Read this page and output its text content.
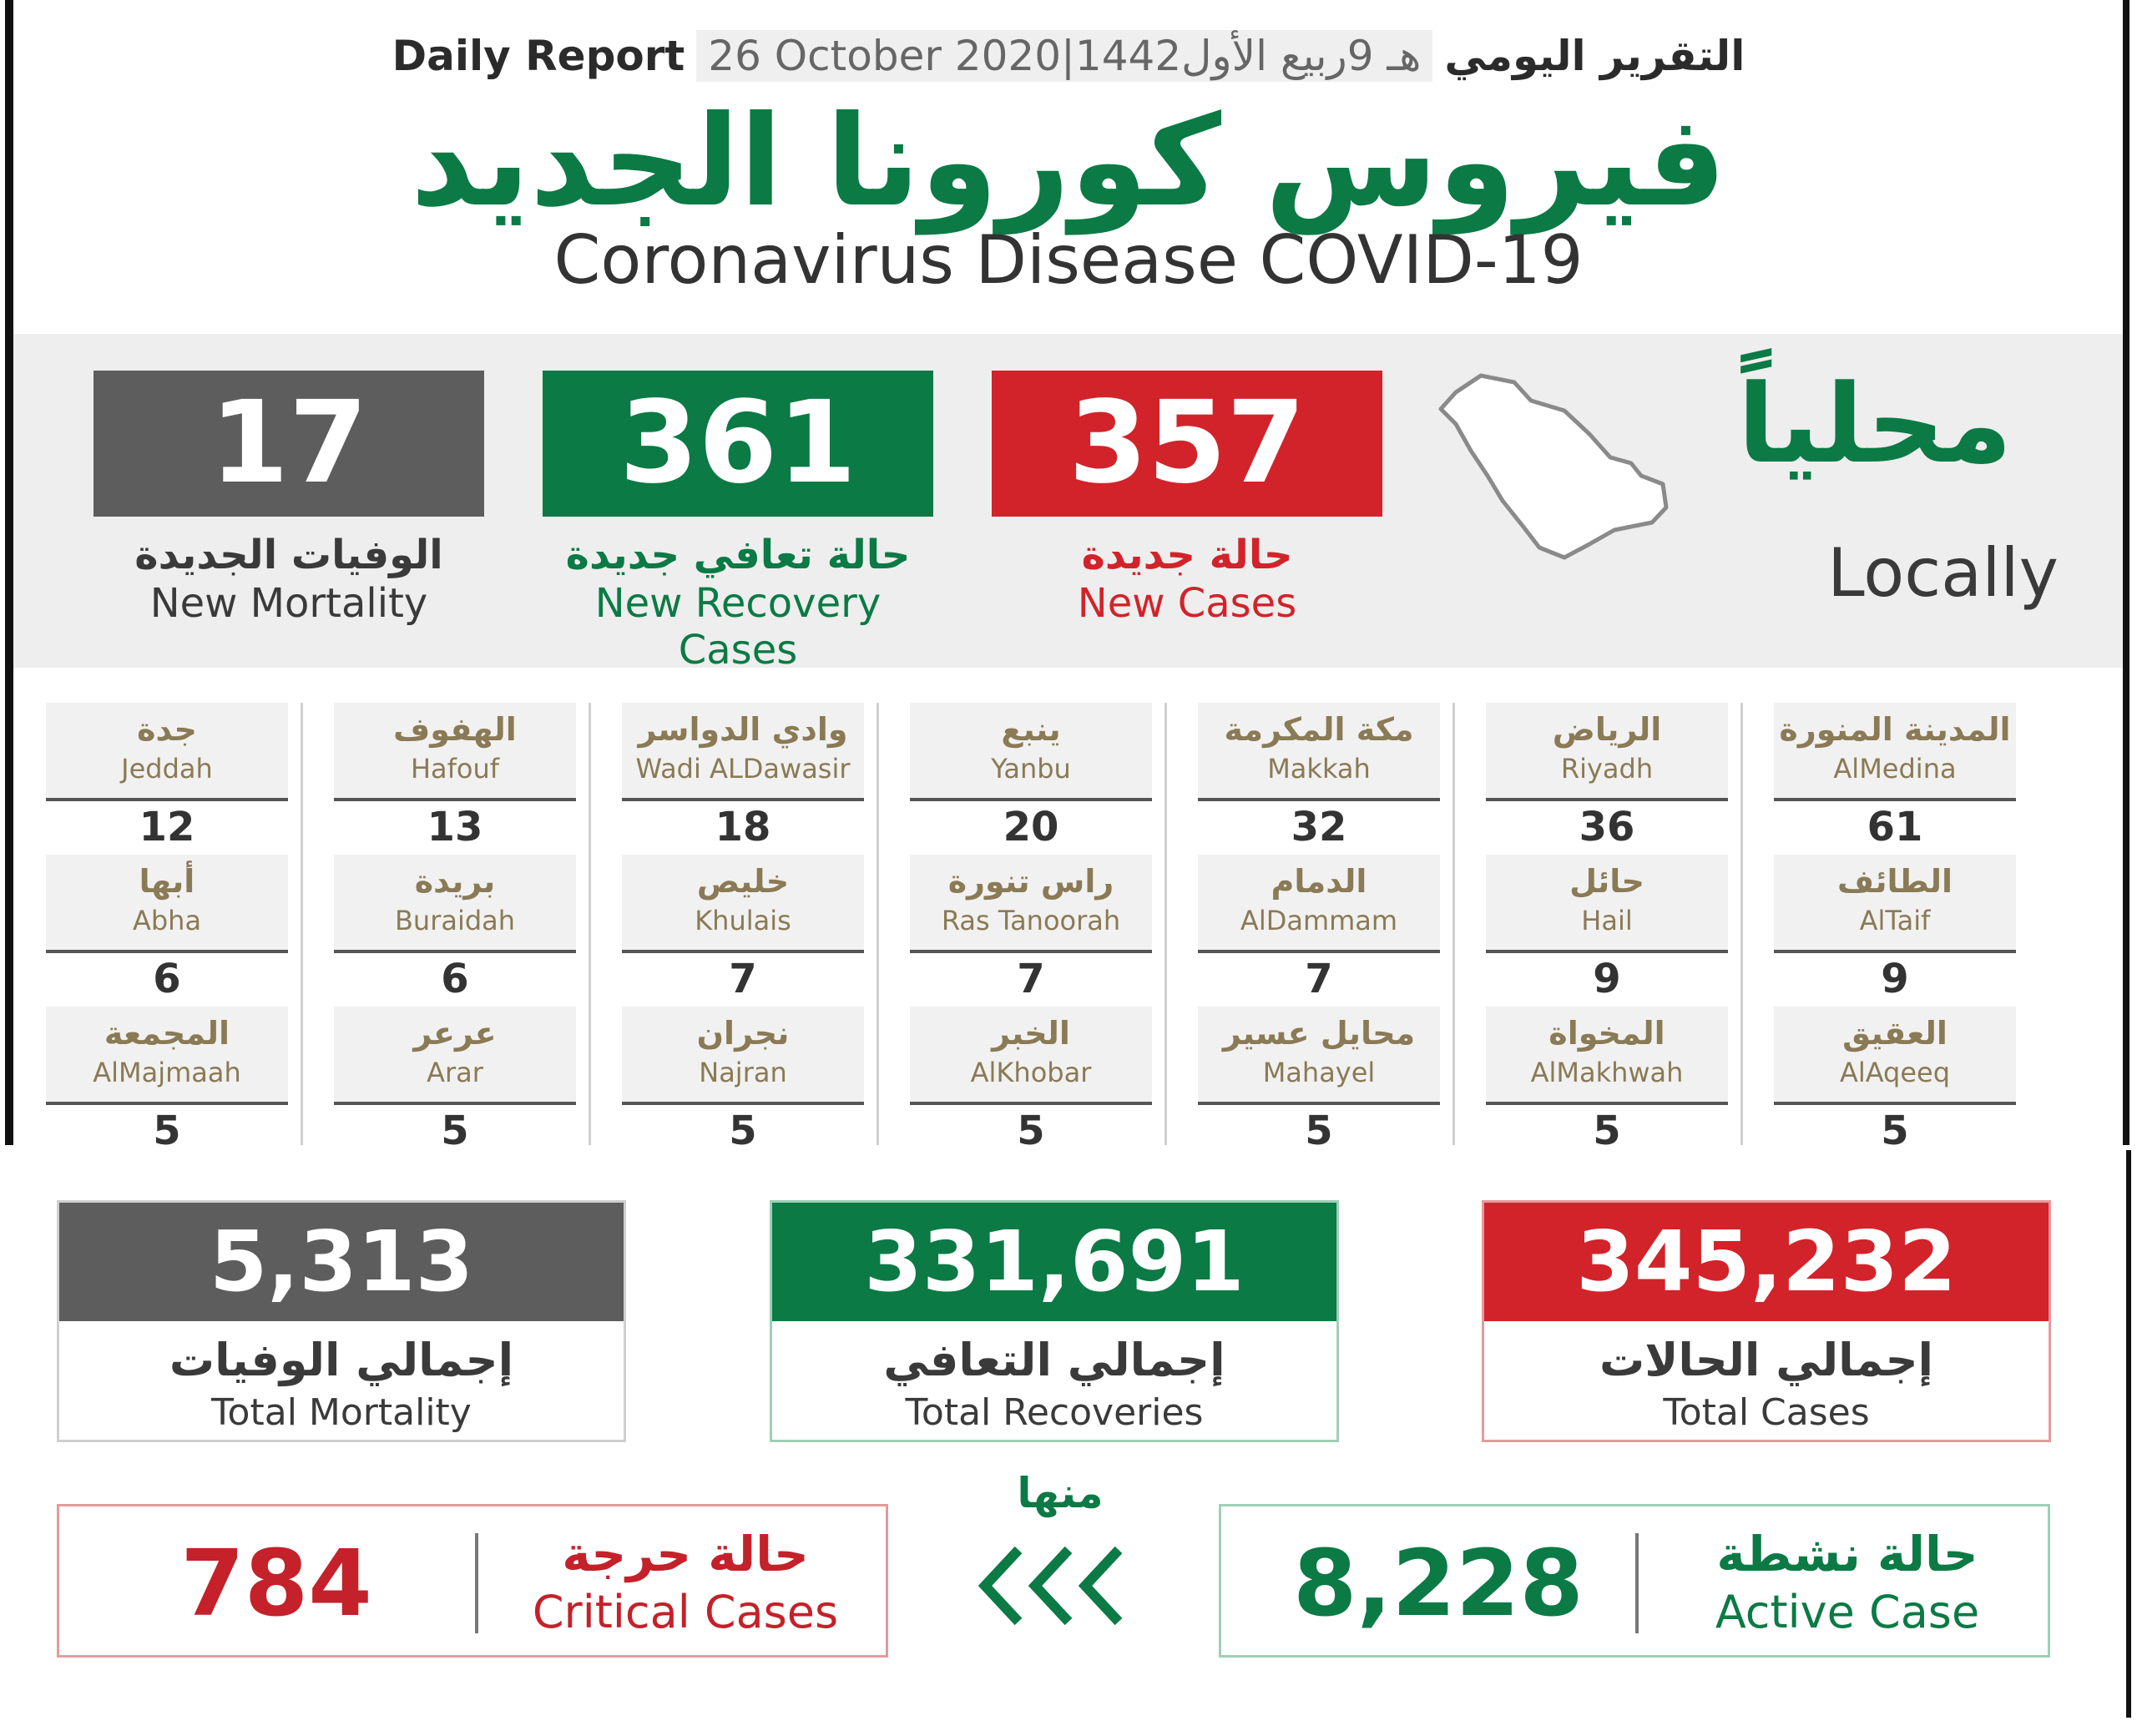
Daily Report 26 October 2020|1442هـ 9ربيع الأول التقرير اليومي
فيروس كورونا الجديد
Coronavirus Disease COVID-19
17
الوفيات الجديدة
New Mortality
361
حالة تعافي جديدة
New Recovery Cases
357
حالة جديدة
New Cases
محلياً
Locally
جدة
Jeddah
12
الهفوف
Hafouf
13
وادي الدواسر
Wadi ALDawasir
18
ينبع
Yanbu
20
مكة المكرمة
Makkah
32
الرياض
Riyadh
36
المدينة المنورة
AlMedina
61
أبها
Abha
6
بريدة
Buraidah
6
خليص
Khulais
7
راس تنورة
Ras Tanoorah
7
الدمام
AlDammam
7
حائل
Hail
9
الطائف
AlTaif
9
المجمعة
AlMajmaah
5
عرعر
Arar
5
نجران
Najran
5
الخبر
AlKhobar
5
محايل عسير
Mahayel
5
المخواة
AlMakhwah
5
العقيق
AlAqeeq
5
5,313
إجمالي الوفيات
Total Mortality
331,691
إجمالي التعافي
Total Recoveries
345,232
إجمالي الحالات
Total Cases
784	حالة حرجة
Critical Cases
منها
8,228	حالة نشطة
Active Case
